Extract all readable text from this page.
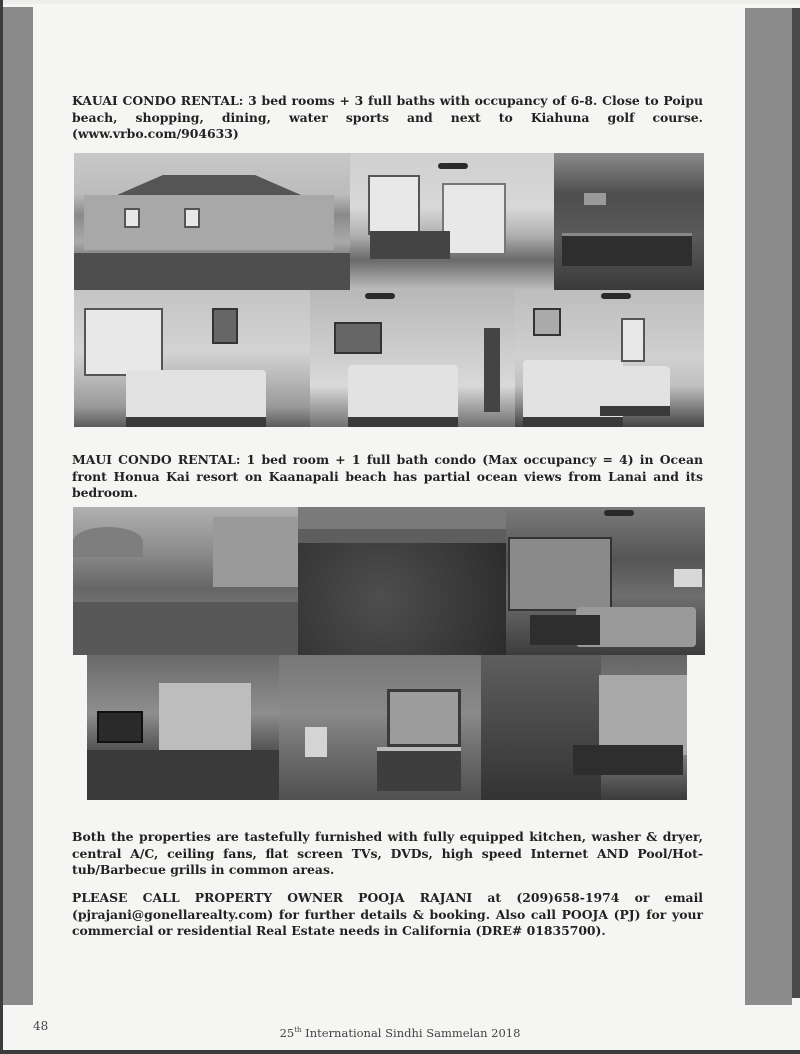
KAUAI CONDO RENTAL: 3 bed rooms + 3 full baths with occupancy of 6-8. Close to Poipu beach, shopping, dining, water sports and next to Kiahuna golf course. (www.vrbo.com/904633)

MAUI CONDO RENTAL: 1 bed room + 1 full bath condo (Max occupancy = 4) in Ocean front Honua Kai resort on Kaanapali beach has partial ocean views from Lanai and its bedroom.

Both the properties are tastefully furnished with fully equipped kitchen, washer & dryer, central A/C, ceiling fans, flat screen TVs, DVDs, high speed Internet AND Pool/Hot-tub/Barbecue grills in common areas.

PLEASE CALL PROPERTY OWNER POOJA RAJANI at (209)658-1974 or email (pjrajani@gonellarealty.com) for further details & booking. Also call POOJA (PJ) for your commercial or residential Real Estate needs in California (DRE# 01835700).

48	25th International Sindhi Sammelan 2018
